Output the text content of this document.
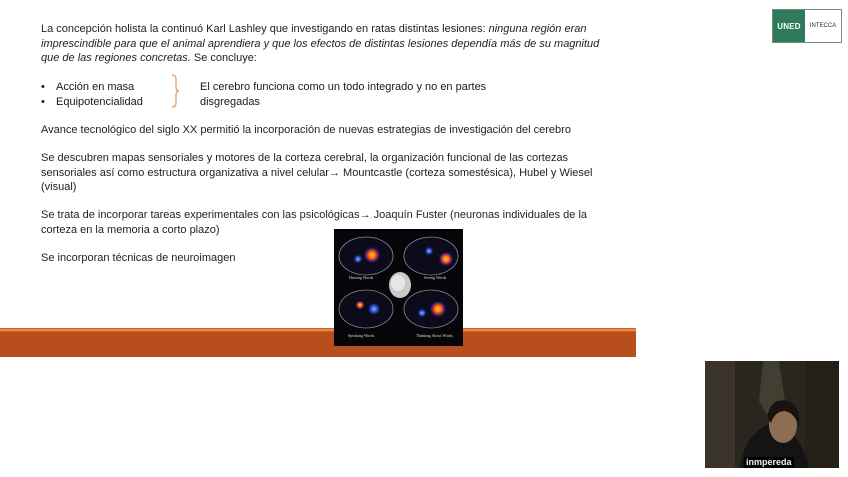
La concepción holista la continuó Karl Lashley que investigando en ratas distintas lesiones: ninguna región eran imprescindible para que el animal aprendiera y que los efectos de distintas lesiones dependía más de su magnitud que de las regiones concretas. Se concluye:
•	Acción en masa
•	Equipotencialidad
El cerebro funciona como un todo integrado y no en partes disgregadas
Avance tecnológico del siglo XX permitió la incorporación de nuevas estrategias de investigación del cerebro
Se descubren mapas sensoriales y motores de la corteza cerebral, la organización funcional de las cortezas sensoriales así como estructura organizativa a nivel celular→ Mountcastle (corteza somestésica), Hubel y Wiesel (visual)
Se trata de incorporar tareas experimentales con las psicológicas→ Joaquín Fuster (neuronas individuales de la corteza en la memoria a corto plazo)
Se incorporan técnicas de neuroimagen
Hearing Words	Seeing Words
Speaking Words	Thinking About Words
UNED	INTECCA
inmpereda
